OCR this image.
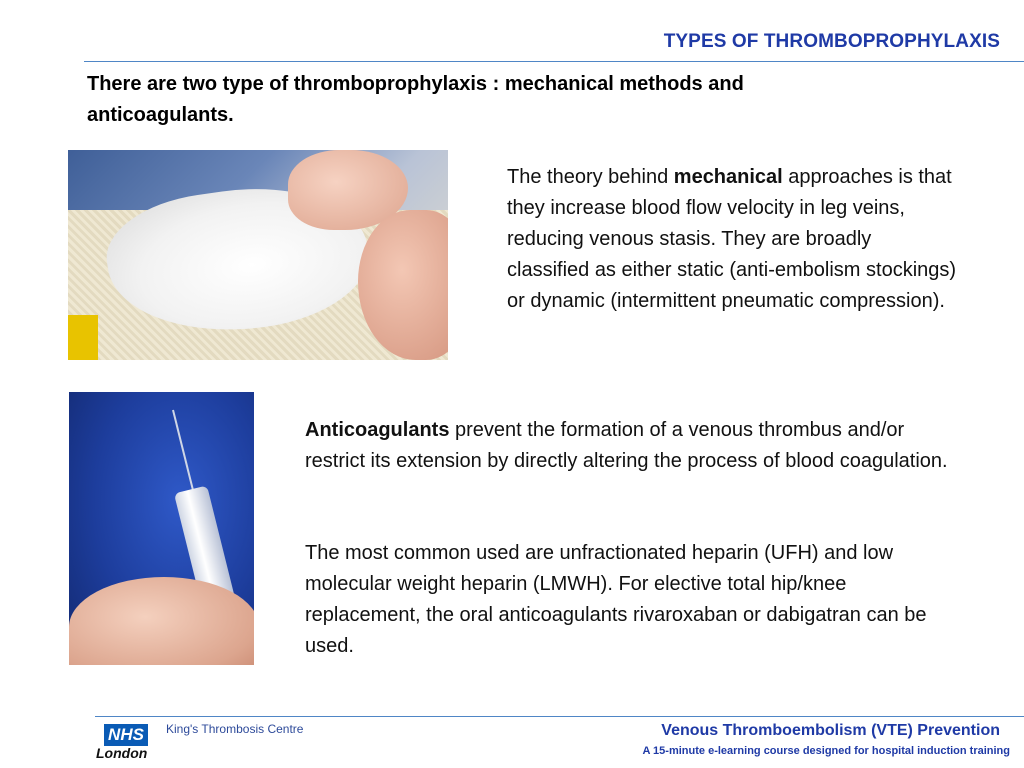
TYPES OF THROMBOPROPHYLAXIS
There are two type of thromboprophylaxis : mechanical methods and anticoagulants.
The theory behind mechanical approaches is that they increase blood flow velocity in leg veins, reducing venous stasis. They are broadly classified as either static (anti-embolism stockings) or dynamic (intermittent pneumatic compression).
Anticoagulants prevent the formation of a venous thrombus and/or restrict its extension by directly altering the process of blood coagulation.
The most common used are unfractionated heparin (UFH) and low molecular weight heparin (LMWH). For elective total hip/knee replacement, the oral anticoagulants rivaroxaban or dabigatran can be used.
NHS
London
King's Thrombosis Centre	Venous Thromboembolism (VTE) Prevention
A 15-minute e-learning course designed for hospital induction training
